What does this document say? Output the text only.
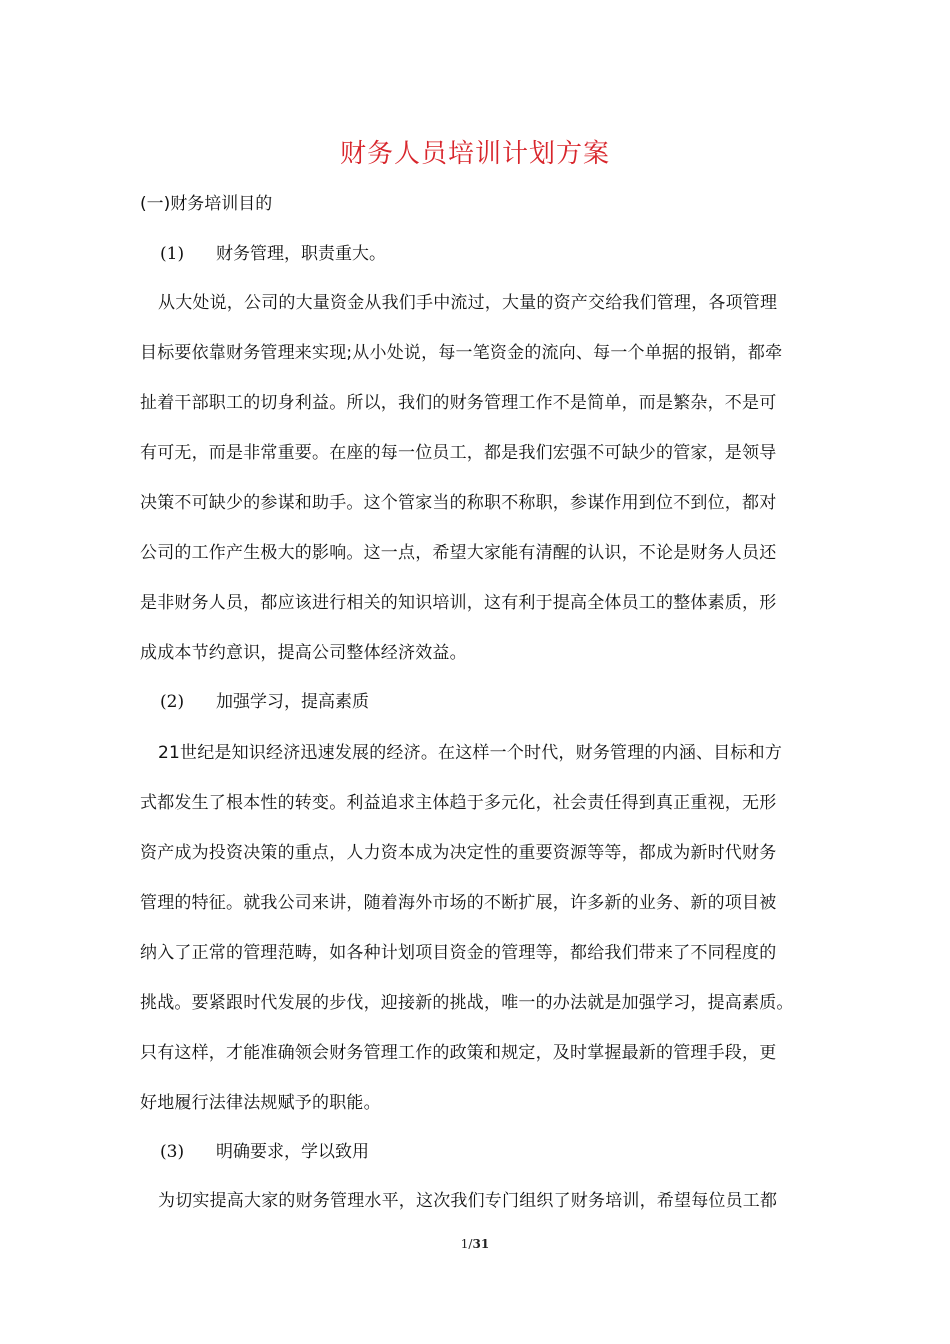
财务人员培训计划方案
(一)财务培训目的
(1) 财务管理，职责重大。
从大处说，公司的大量资金从我们手中流过，大量的资产交给我们管理，各项管理
目标要依靠财务管理来实现;从小处说，每一笔资金的流向、每一个单据的报销，都牵
扯着干部职工的切身利益。所以，我们的财务管理工作不是简单，而是繁杂，不是可
有可无，而是非常重要。在座的每一位员工，都是我们宏强不可缺少的管家，是领导
决策不可缺少的参谋和助手。这个管家当的称职不称职，参谋作用到位不到位，都对
公司的工作产生极大的影响。这一点，希望大家能有清醒的认识，不论是财务人员还
是非财务人员，都应该进行相关的知识培训，这有利于提高全体员工的整体素质，形
成成本节约意识，提高公司整体经济效益。
(2) 加强学习，提高素质
21世纪是知识经济迅速发展的经济。在这样一个时代，财务管理的内涵、目标和方
式都发生了根本性的转变。利益追求主体趋于多元化，社会责任得到真正重视，无形
资产成为投资决策的重点，人力资本成为决定性的重要资源等等，都成为新时代财务
管理的特征。就我公司来讲，随着海外市场的不断扩展，许多新的业务、新的项目被
纳入了正常的管理范畴，如各种计划项目资金的管理等，都给我们带来了不同程度的
挑战。要紧跟时代发展的步伐，迎接新的挑战，唯一的办法就是加强学习，提高素质。
只有这样，才能准确领会财务管理工作的政策和规定，及时掌握最新的管理手段，更
好地履行法律法规赋予的职能。
(3) 明确要求，学以致用
为切实提高大家的财务管理水平，这次我们专门组织了财务培训，希望每位员工都
1/31
